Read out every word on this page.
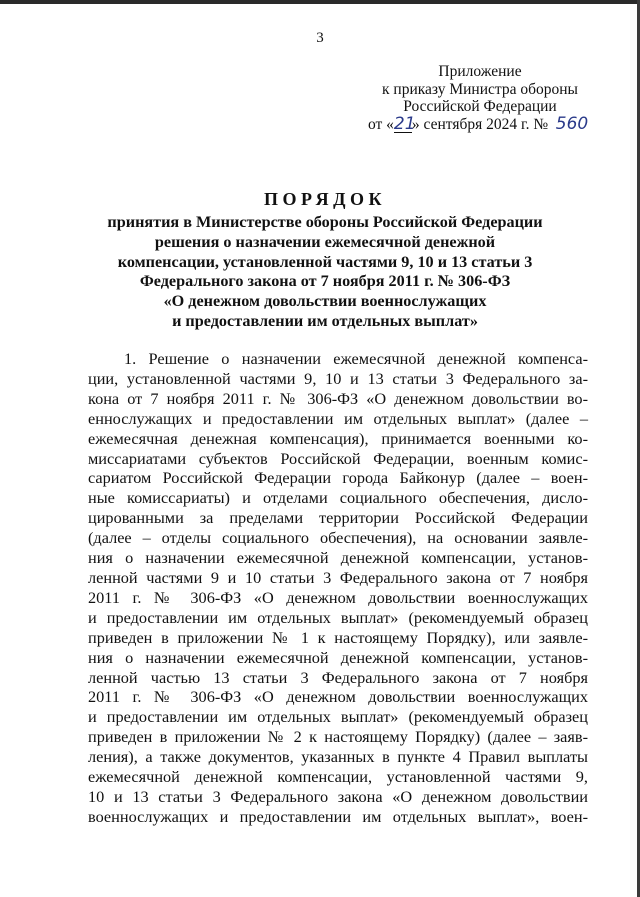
3
Приложение
к приказу Министра обороны
Российской Федерации
от «21» сентября 2024 г. № 560
ПОРЯДОК
принятия в Министерстве обороны Российской Федерации
решения о назначении ежемесячной денежной
компенсации, установленной частями 9, 10 и 13 статьи 3
Федерального закона от 7 ноября 2011 г. № 306-ФЗ
«О денежном довольствии военнослужащих
и предоставлении им отдельных выплат»
1. Решение о назначении ежемесячной денежной компенса-
ции, установленной частями 9, 10 и 13 статьи 3 Федерального за-
кона от 7 ноября 2011 г. № 306-ФЗ «О денежном довольствии во-
еннослужащих и предоставлении им отдельных выплат» (далее –
ежемесячная денежная компенсация), принимается военными ко-
миссариатами субъектов Российской Федерации, военным комис-
сариатом Российской Федерации города Байконур (далее – воен-
ные комиссариаты) и отделами социального обеспечения, дисло-
цированными за пределами территории Российской Федерации
(далее – отделы социального обеспечения), на основании заявле-
ния о назначении ежемесячной денежной компенсации, установ-
ленной частями 9 и 10 статьи 3 Федерального закона от 7 ноября
2011 г. № 306-ФЗ «О денежном довольствии военнослужащих
и предоставлении им отдельных выплат» (рекомендуемый образец
приведен в приложении № 1 к настоящему Порядку), или заявле-
ния о назначении ежемесячной денежной компенсации, установ-
ленной частью 13 статьи 3 Федерального закона от 7 ноября
2011 г. № 306-ФЗ «О денежном довольствии военнослужащих
и предоставлении им отдельных выплат» (рекомендуемый образец
приведен в приложении № 2 к настоящему Порядку) (далее – заяв-
ления), а также документов, указанных в пункте 4 Правил выплаты
ежемесячной денежной компенсации, установленной частями 9,
10 и 13 статьи 3 Федерального закона «О денежном довольствии
военнослужащих и предоставлении им отдельных выплат», воен-
